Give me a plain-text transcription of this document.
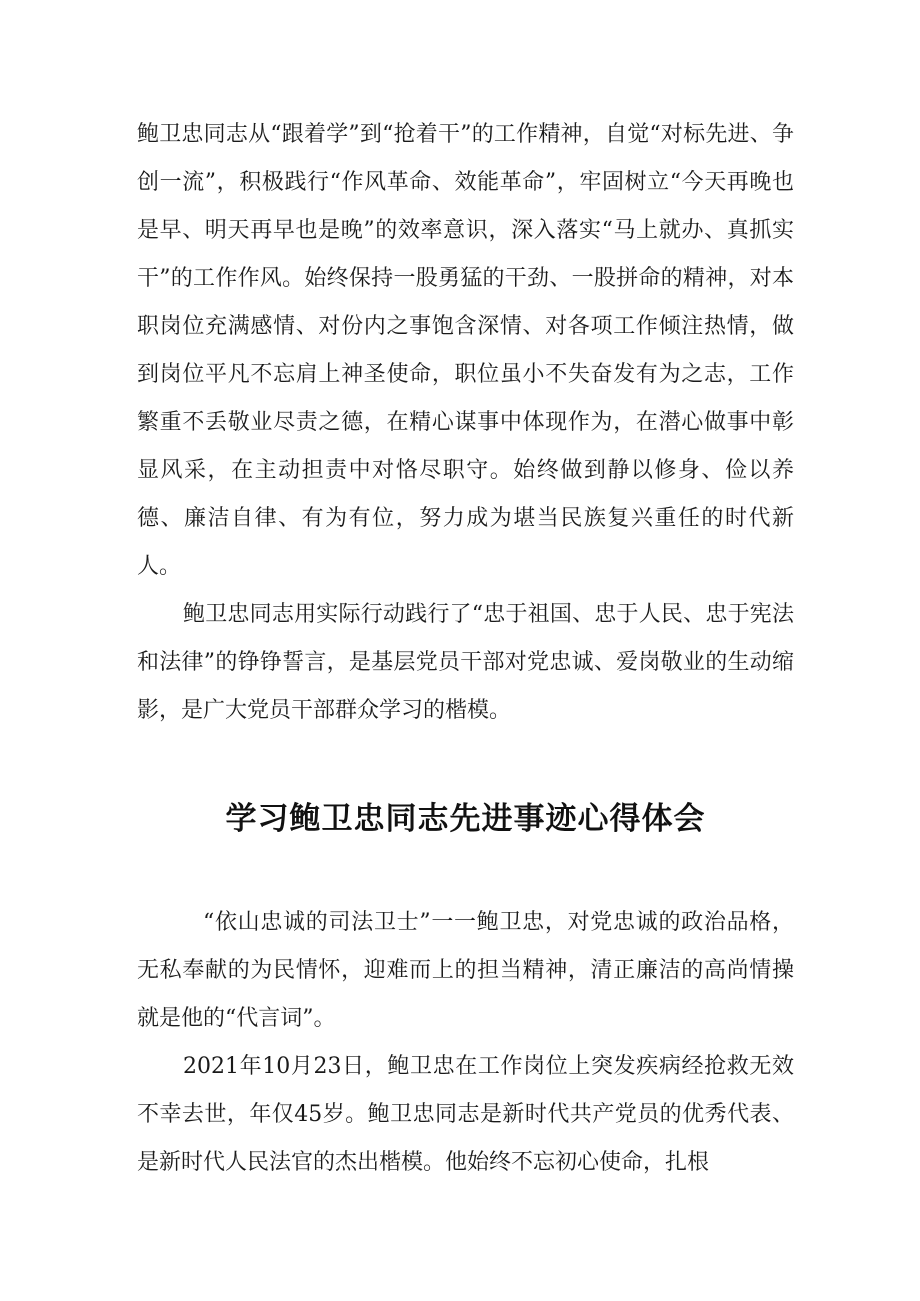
鲍卫忠同志从“跟着学”到“抢着干”的工作精神，自觉“对标先进、争创一流”，积极践行“作风革命、效能革命”，牢固树立“今天再晚也是早、明天再早也是晚”的效率意识，深入落实“马上就办、真抓实干”的工作作风。始终保持一股勇猛的干劲、一股拼命的精神，对本职岗位充满感情、对份内之事饱含深情、对各项工作倾注热情，做到岗位平凡不忘肩上神圣使命，职位虽小不失奋发有为之志，工作繁重不丢敬业尽责之德，在精心谋事中体现作为，在潜心做事中彰显风采，在主动担责中对恪尽职守。始终做到静以修身、俭以养德、廉洁自律、有为有位，努力成为堪当民族复兴重任的时代新人。

鲍卫忠同志用实际行动践行了“忠于祖国、忠于人民、忠于宪法和法律”的铮铮誓言，是基层党员干部对党忠诚、爱岗敬业的生动缩影，是广大党员干部群众学习的楷模。

学习鲍卫忠同志先进事迹心得体会

“依山忠诚的司法卫士”一一鲍卫忠，对党忠诚的政治品格，无私奉献的为民情怀，迎难而上的担当精神，清正廉洁的高尚情操就是他的“代言词”。

2021年10月23日，鲍卫忠在工作岗位上突发疾病经抢救无效不幸去世，年仅45岁。鲍卫忠同志是新时代共产党员的优秀代表、是新时代人民法官的杰出楷模。他始终不忘初心使命，扎根
